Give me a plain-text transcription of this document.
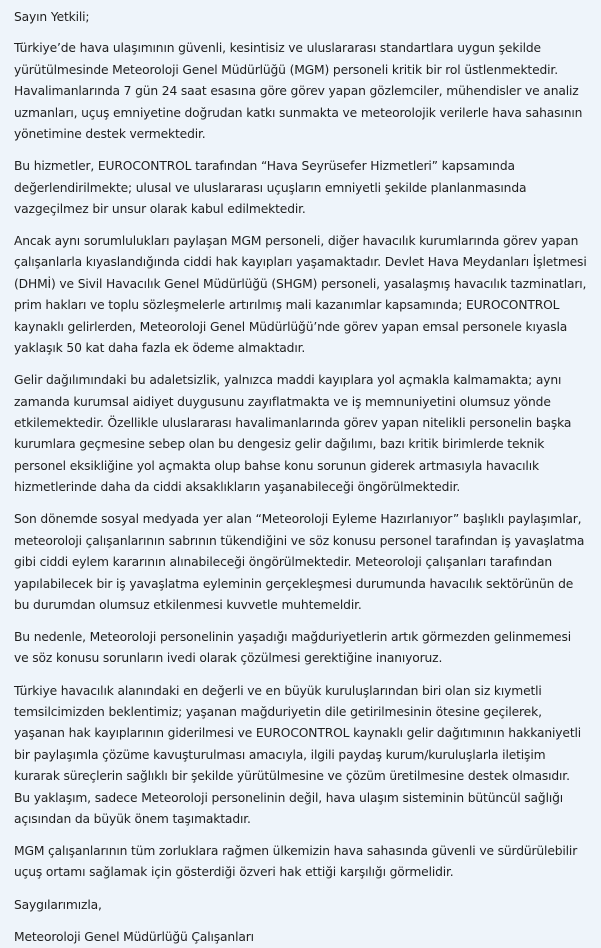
Sayın Yetkili;

Türkiye’de hava ulaşımının güvenli, kesintisiz ve uluslararası standartlara uygun şekilde yürütülmesinde Meteoroloji Genel Müdürlüğü (MGM) personeli kritik bir rol üstlenmektedir. Havalimanlarında 7 gün 24 saat esasına göre görev yapan gözlemciler, mühendisler ve analiz uzmanları, uçuş emniyetine doğrudan katkı sunmakta ve meteorolojik verilerle hava sahasının yönetimine destek vermektedir.

Bu hizmetler, EUROCONTROL tarafından “Hava Seyrüsefer Hizmetleri” kapsamında değerlendirilmekte; ulusal ve uluslararası uçuşların emniyetli şekilde planlanmasında vazgeçilmez bir unsur olarak kabul edilmektedir.

Ancak aynı sorumlulukları paylaşan MGM personeli, diğer havacılık kurumlarında görev yapan çalışanlarla kıyaslandığında ciddi hak kayıpları yaşamaktadır. Devlet Hava Meydanları İşletmesi (DHMİ) ve Sivil Havacılık Genel Müdürlüğü (SHGM) personeli, yasalaşmış havacılık tazminatları, prim hakları ve toplu sözleşmelerle artırılmış mali kazanımlar kapsamında; EUROCONTROL kaynaklı gelirlerden, Meteoroloji Genel Müdürlüğü’nde görev yapan emsal personele kıyasla yaklaşık 50 kat daha fazla ek ödeme almaktadır.

Gelir dağılımındaki bu adaletsizlik, yalnızca maddi kayıplara yol açmakla kalmamakta; aynı zamanda kurumsal aidiyet duygusunu zayıflatmakta ve iş memnuniyetini olumsuz yönde etkilemektedir. Özellikle uluslararası havalimanlarında görev yapan nitelikli personelin başka kurumlara geçmesine sebep olan bu dengesiz gelir dağılımı, bazı kritik birimlerde teknik personel eksikliğine yol açmakta olup bahse konu sorunun giderek artmasıyla havacılık hizmetlerinde daha da ciddi aksaklıkların yaşanabileceği öngörülmektedir.

Son dönemde sosyal medyada yer alan “Meteoroloji Eyleme Hazırlanıyor” başlıklı paylaşımlar, meteoroloji çalışanlarının sabrının tükendiğini ve söz konusu personel tarafından iş yavaşlatma gibi ciddi eylem kararının alınabileceği öngörülmektedir. Meteoroloji çalışanları tarafından yapılabilecek bir iş yavaşlatma eyleminin gerçekleşmesi durumunda havacılık sektörünün de bu durumdan olumsuz etkilenmesi kuvvetle muhtemeldir.

Bu nedenle, Meteoroloji personelinin yaşadığı mağduriyetlerin artık görmezden gelinmemesi ve söz konusu sorunların ivedi olarak çözülmesi gerektiğine inanıyoruz.

Türkiye havacılık alanındaki en değerli ve en büyük kuruluşlarından biri olan siz kıymetli temsilcimizden beklentimiz; yaşanan mağduriyetin dile getirilmesinin ötesine geçilerek, yaşanan hak kayıplarının giderilmesi ve EUROCONTROL kaynaklı gelir dağıtımının hakkaniyetli bir paylaşımla çözüme kavuşturulması amacıyla, ilgili paydaş kurum/kuruluşlarla iletişim kurarak süreçlerin sağlıklı bir şekilde yürütülmesine ve çözüm üretilmesine destek olmasıdır. Bu yaklaşım, sadece Meteoroloji personelinin değil, hava ulaşım sisteminin bütüncül sağlığı açısından da büyük önem taşımaktadır.

MGM çalışanlarının tüm zorluklara rağmen ülkemizin hava sahasında güvenli ve sürdürülebilir uçuş ortamı sağlamak için gösterdiği özveri hak ettiği karşılığı görmelidir.

Saygılarımızla,

Meteoroloji Genel Müdürlüğü Çalışanları
